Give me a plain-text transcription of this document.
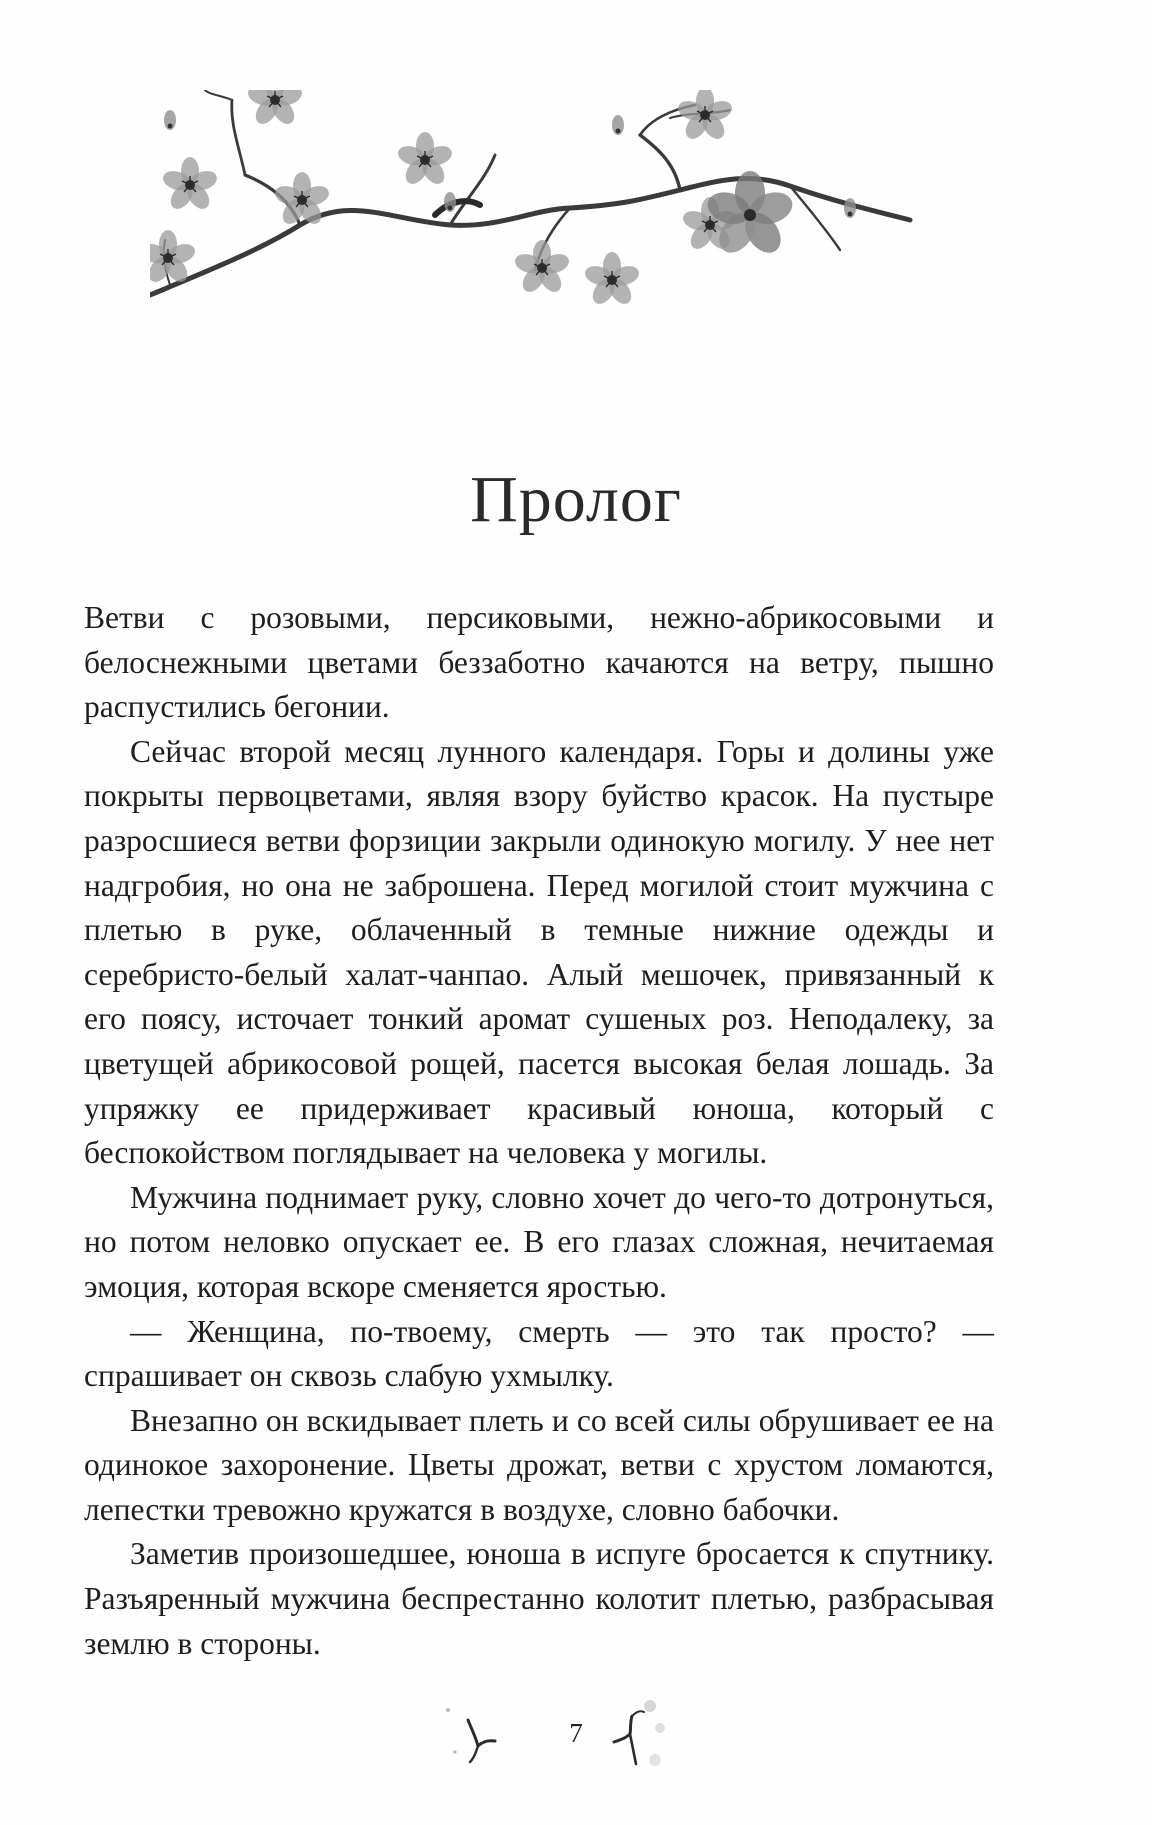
Пролог

Ветви с розовыми, персиковыми, нежно-абрикосовыми и белоснежными цветами беззаботно качаются на ветру, пышно распустились бегонии.

Сейчас второй месяц лунного календаря. Горы и долины уже покрыты первоцветами, являя взору буйство красок. На пустыре разросшиеся ветви форзиции закрыли одинокую могилу. У нее нет надгробия, но она не заброшена. Перед могилой стоит мужчина с плетью в руке, облаченный в темные нижние одежды и серебристо-белый халат-чанпао. Алый мешочек, привязанный к его поясу, источает тонкий аромат сушеных роз. Неподалеку, за цветущей абрикосовой рощей, пасется высокая белая лошадь. За упряжку ее придерживает красивый юноша, который с беспокойством поглядывает на человека у могилы.

Мужчина поднимает руку, словно хочет до чего-то дотронуться, но потом неловко опускает ее. В его глазах сложная, нечитаемая эмоция, которая вскоре сменяется яростью.

— Женщина, по-твоему, смерть — это так просто? — спрашивает он сквозь слабую ухмылку.

Внезапно он вскидывает плеть и со всей силы обрушивает ее на одинокое захоронение. Цветы дрожат, ветви с хрустом ломаются, лепестки тревожно кружатся в воздухе, словно бабочки.

Заметив произошедшее, юноша в испуге бросается к спутнику. Разъяренный мужчина беспрестанно колотит плетью, разбрасывая землю в стороны.

7
